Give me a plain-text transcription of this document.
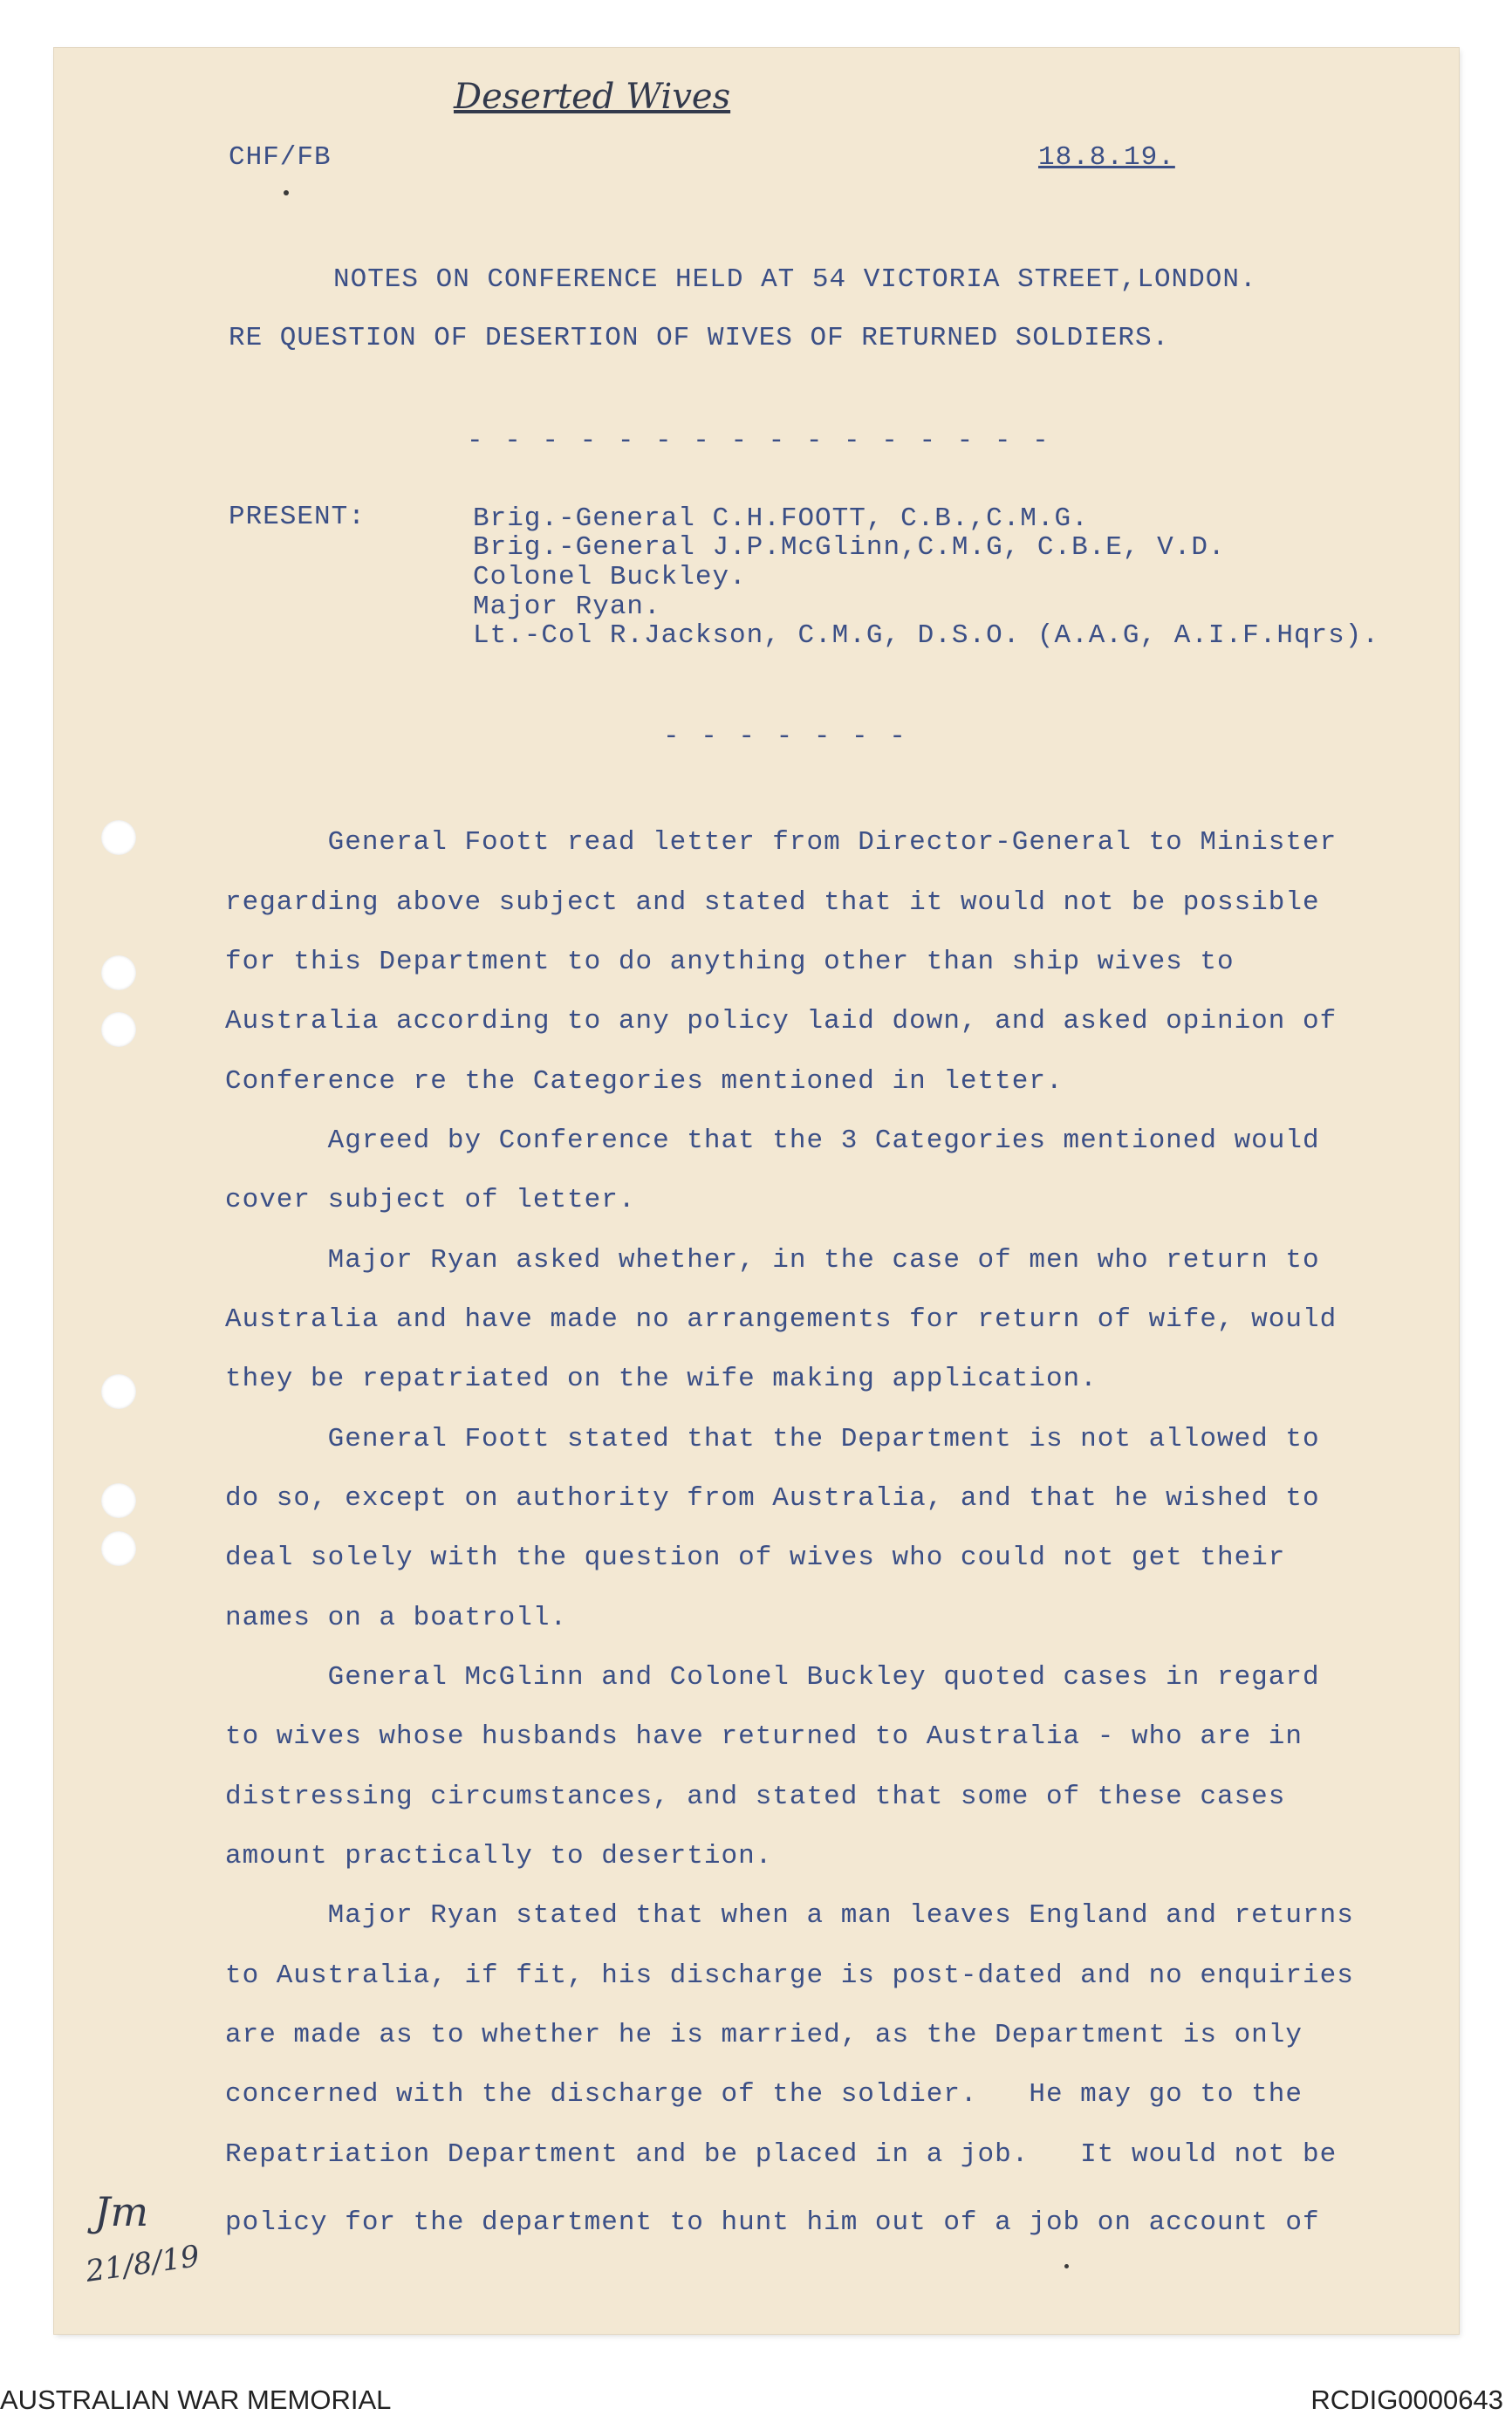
Deserted Wives
CHF/FB	18.8.19.
NOTES ON CONFERENCE HELD AT 54 VICTORIA STREET,LONDON.
RE QUESTION OF DESERTION OF WIVES OF RETURNED SOLDIERS.
- - - - - - - - - - - - - - - -
PRESENT:	Brig.-General C.H.FOOTT, C.B.,C.M.G.
Brig.-General J.P.McGlinn,C.M.G, C.B.E, V.D.
Colonel Buckley.
Major Ryan.
Lt.-Col R.Jackson, C.M.G, D.S.O. (A.A.G, A.I.F.Hqrs).
- - - - - - -
General Foott read letter from Director-General to Minister
regarding above subject and stated that it would not be possible
for this Department to do anything other than ship wives to
Australia according to any policy laid down, and asked opinion of
Conference re the Categories mentioned in letter.
Agreed by Conference that the 3 Categories mentioned would
cover subject of letter.
Major Ryan asked whether, in the case of men who return to
Australia and have made no arrangements for return of wife, would
they be repatriated on the wife making application.
General Foott stated that the Department is not allowed to
do so, except on authority from Australia, and that he wished to
deal solely with the question of wives who could not get their
names on a boatroll.
General McGlinn and Colonel Buckley quoted cases in regard
to wives whose husbands have returned to Australia - who are in
distressing circumstances, and stated that some of these cases
amount practically to desertion.
Major Ryan stated that when a man leaves England and returns
to Australia, if fit, his discharge is post-dated and no enquiries
are made as to whether he is married, as the Department is only
concerned with the discharge of the soldier.   He may go to the
Repatriation Department and be placed in a job.   It would not be
policy for the department to hunt him out of a job on account of
Jm
21/8/19
AUSTRALIAN WAR MEMORIAL	RCDIG0000643
